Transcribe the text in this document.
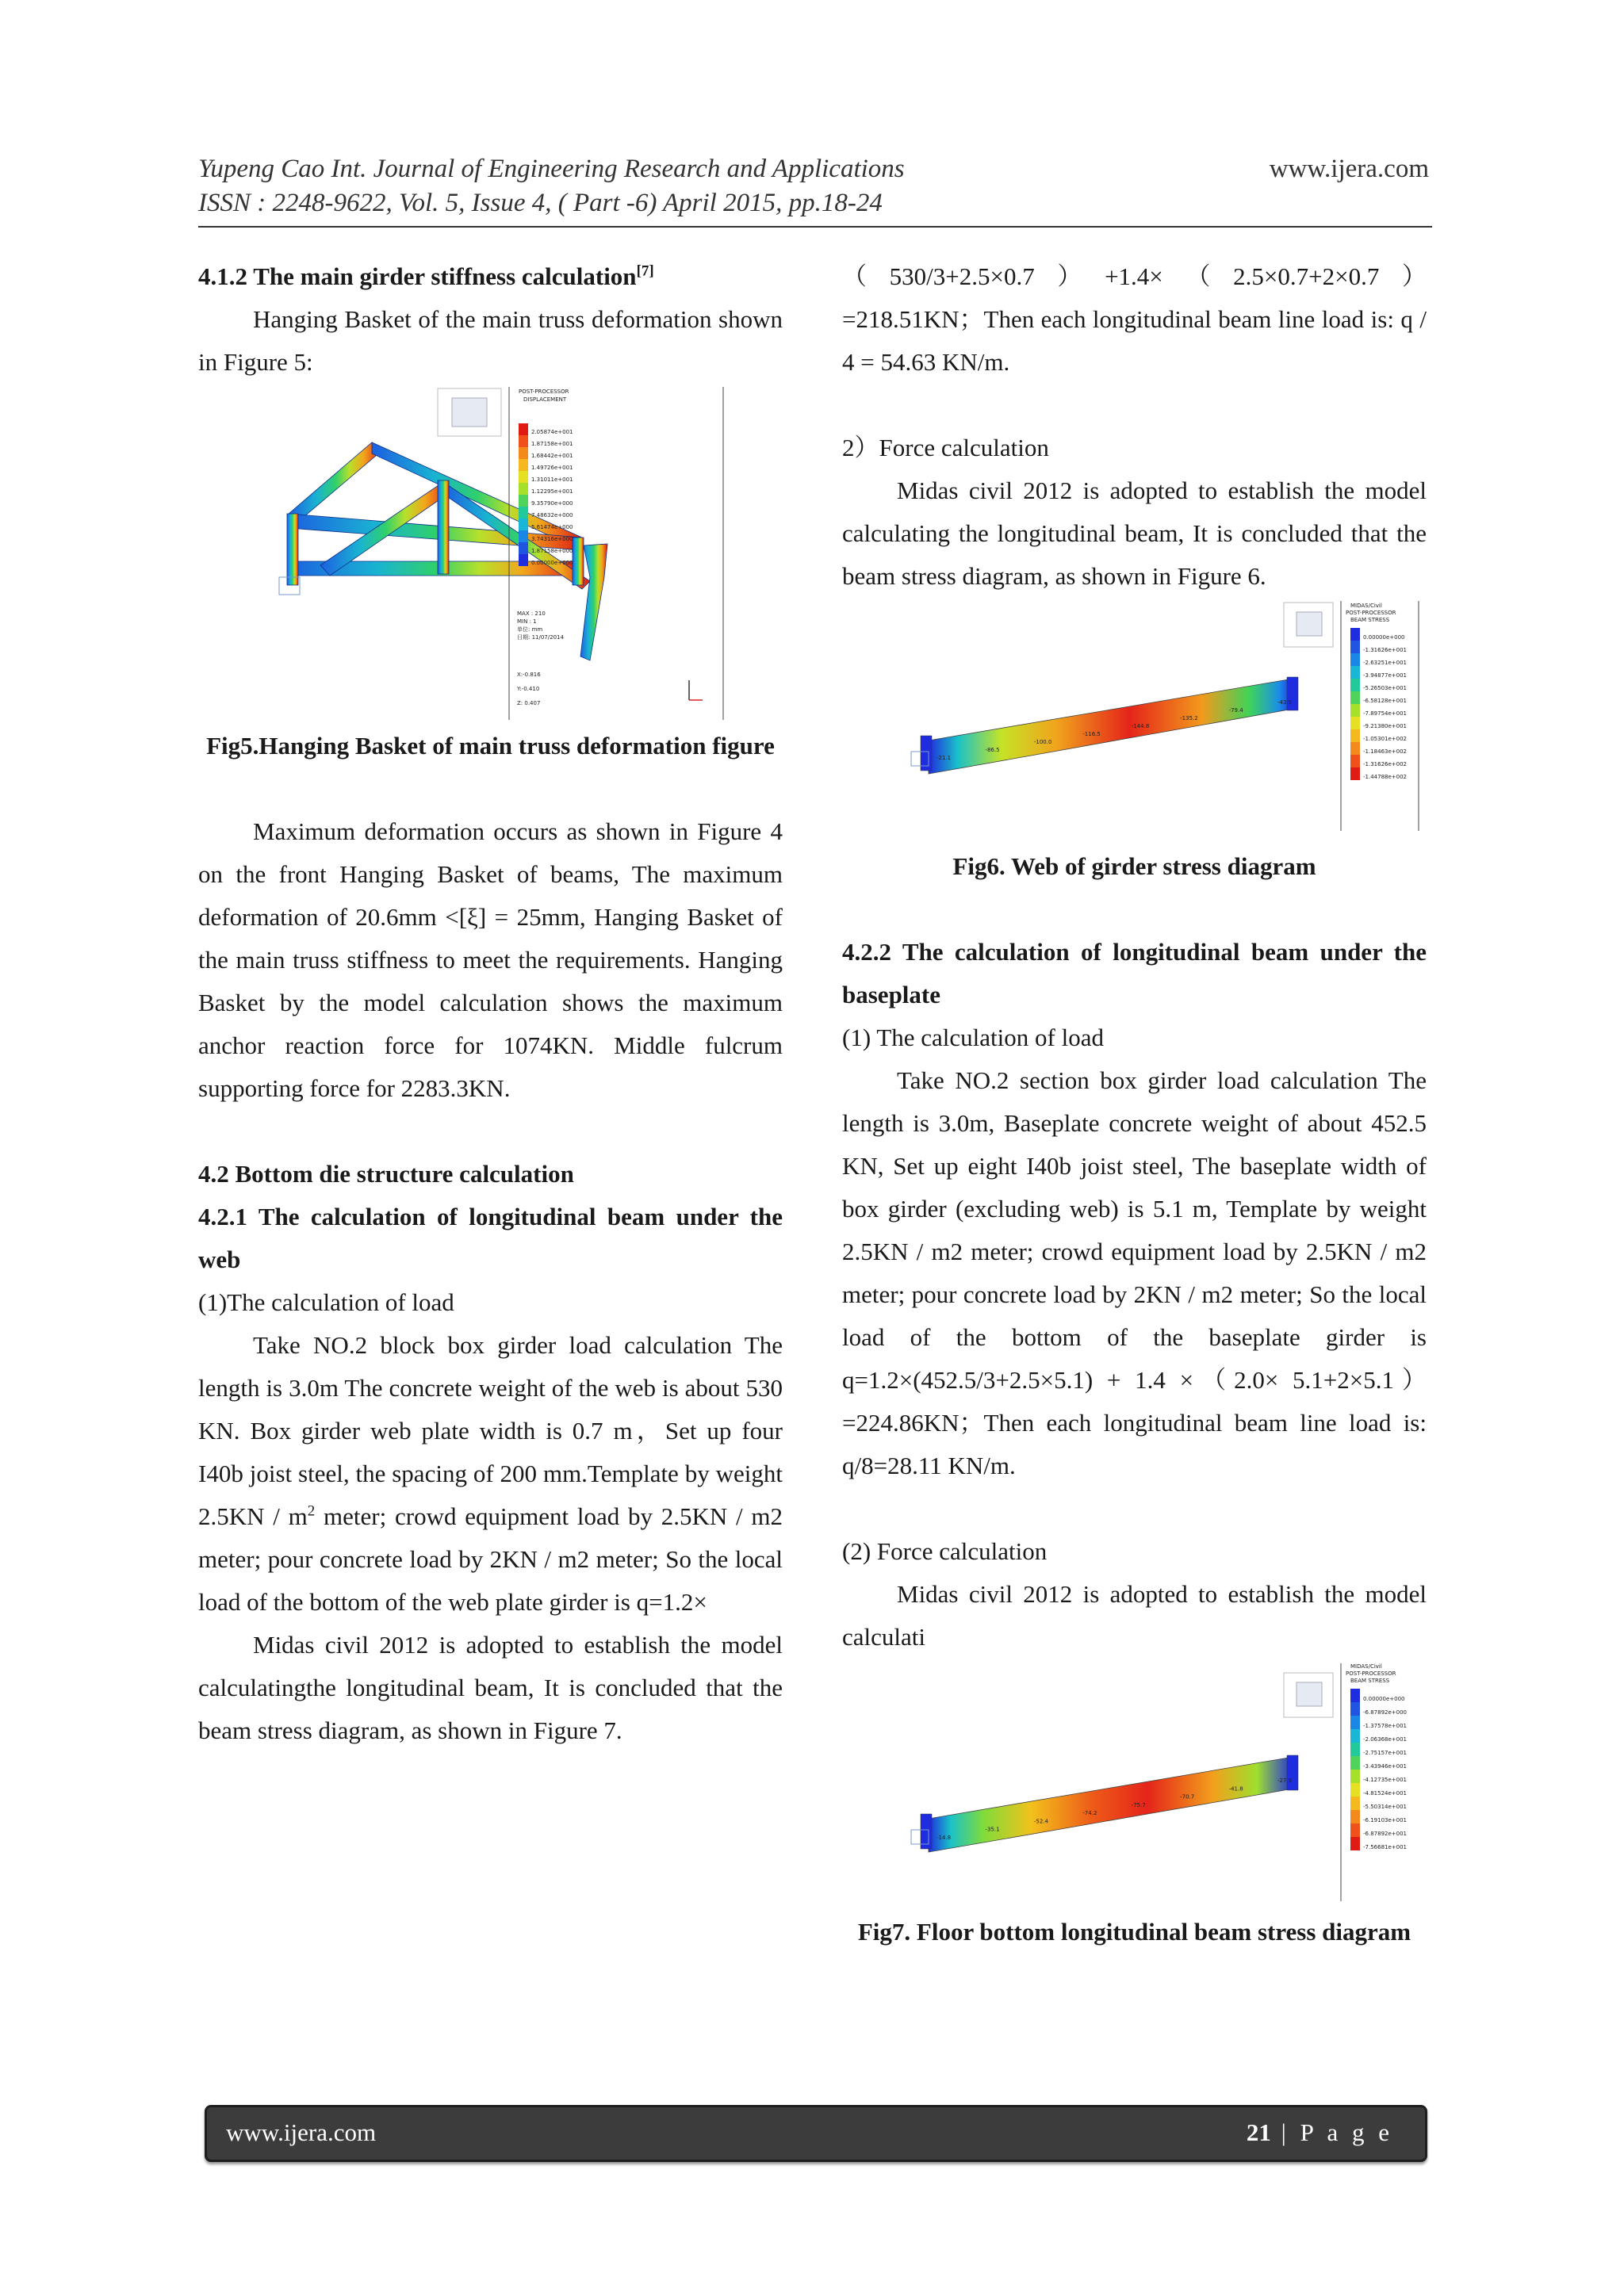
Yupeng Cao Int. Journal of Engineering Research and Applications
ISSN : 2248-9622, Vol. 5, Issue 4, ( Part -6) April 2015, pp.18-24
www.ijera.com

4.1.2 The main girder stiffness calculation[7]

Hanging Basket of the main truss deformation shown in Figure 5:

POST-PROCESSOR
DISPLACEMENT
2.05874e+001
1.87158e+001
1.68442e+001
1.49726e+001
1.31011e+001
1.12295e+001
9.35790e+000
7.48632e+000
5.61474e+000
3.74316e+000
1.87158e+000
0.00000e+000
MAX : 210
MIN : 1
单位: mm
日期: 11/07/2014
X:-0.816
Y:-0.410
Z: 0.407

Fig5.Hanging Basket of main truss deformation figure

Maximum deformation occurs as shown in Figure 4 on the front Hanging Basket of beams, The maximum deformation of 20.6mm <[ξ] = 25mm, Hanging Basket of the main truss stiffness to meet the requirements. Hanging Basket by the model calculation shows the maximum anchor reaction force for 1074KN. Middle fulcrum supporting force for 2283.3KN.

4.2 Bottom die structure calculation

4.2.1 The calculation of longitudinal beam under the web

(1)The calculation of load

Take NO.2 block box girder load calculation The length is 3.0m The concrete weight of the web is about 530 KN. Box girder web plate width is 0.7 m，Set up four I40b joist steel, the spacing of 200 mm.Template by weight $2.5KN / m^2$ meter; crowd equipment load by 2.5KN / m2 meter; pour concrete load by 2KN / m2 meter; So the local load of the bottom of the web plate girder is q=1.2×

Midas civil 2012 is adopted to establish the model calculatingthe longitudinal beam, It is concluded that the beam stress diagram, as shown in Figure 7.

（530/3+2.5×0.7）+1.4×（2.5×0.7+2×0.7）=218.51KN；Then each longitudinal beam line load is: q / 4 = 54.63 KN/m.

2）Force calculation

Midas civil 2012 is adopted to establish the model calculating the longitudinal beam, It is concluded that the beam stress diagram, as shown in Figure 6.

-21.1
-86.5
-100.0
-116.5
-144.8
-135.2
-79.4
-43.5
MIDAS/Civil
POST-PROCESSOR
BEAM STRESS
0.00000e+000
-1.31626e+001
-2.63251e+001
-3.94877e+001
-5.26503e+001
-6.58128e+001
-7.89754e+001
-9.21380e+001
-1.05301e+002
-1.18463e+002
-1.31626e+002
-1.44788e+002

Fig6. Web of girder stress diagram

4.2.2 The calculation of longitudinal beam under the baseplate

(1) The calculation of load

Take NO.2 section box girder load calculation The length is 3.0m, Baseplate concrete weight of about 452.5 KN, Set up eight I40b joist steel, The baseplate width of box girder (excluding web) is 5.1 m, Template by weight 2.5KN / m2 meter; crowd equipment load by 2.5KN / m2 meter; pour concrete load by 2KN / m2 meter; So the local load of the bottom of the baseplate girder is q=1.2×(452.5/3+2.5×5.1) + 1.4 ×（2.0× 5.1+2×5.1）=224.86KN；Then each longitudinal beam line load is: q/8=28.11 KN/m.

(2) Force calculation

Midas civil 2012 is adopted to establish the model calculati

-14.8
-35.1
-52.4
-74.2
-75.7
-70.7
-41.8
-27.9
MIDAS/Civil
POST-PROCESSOR
BEAM STRESS
0.00000e+000
-6.87892e+000
-1.37578e+001
-2.06368e+001
-2.75157e+001
-3.43946e+001
-4.12735e+001
-4.81524e+001
-5.50314e+001
-6.19103e+001
-6.87892e+001
-7.56681e+001

Fig7. Floor bottom longitudinal beam stress diagram

www.ijera.com	21 | P a g e
